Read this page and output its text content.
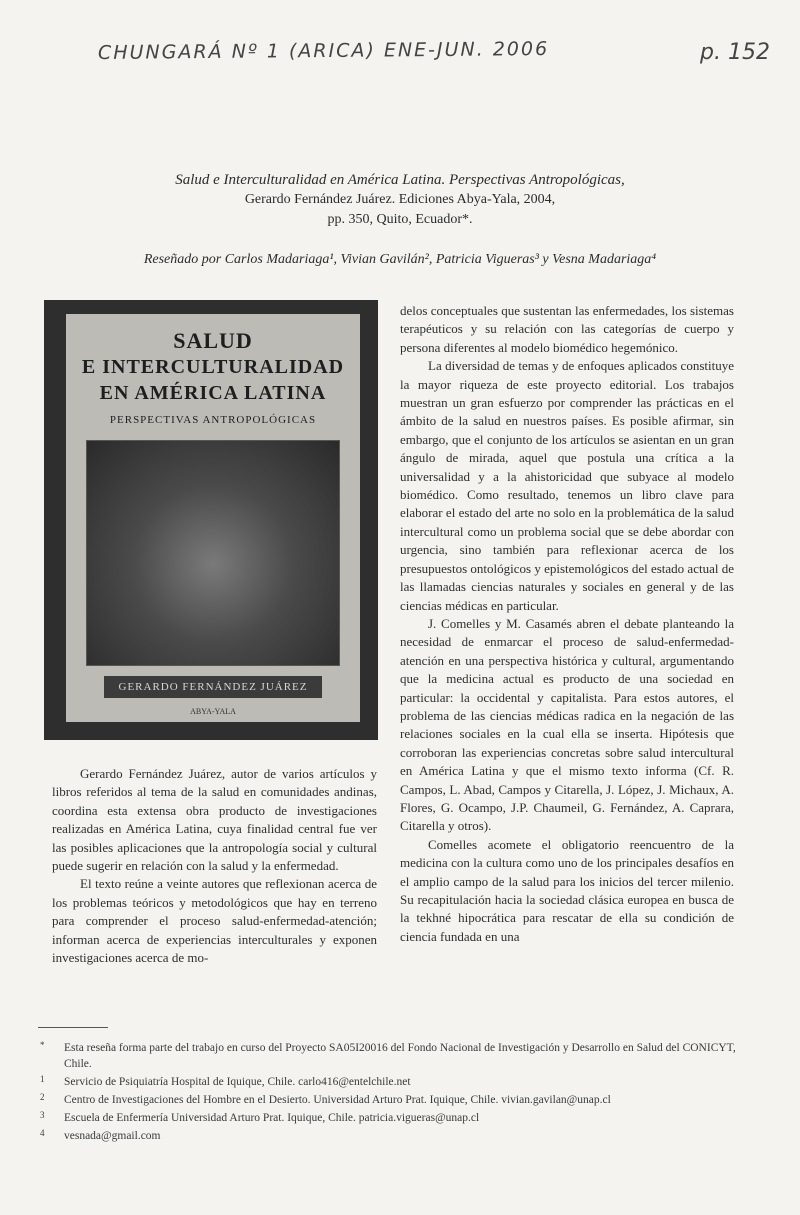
CHUNGARÁ Nº 1 (ARICA) ENE-JUN. 2006	p. 152
Salud e Interculturalidad en América Latina. Perspectivas Antropológicas,
Gerardo Fernández Juárez. Ediciones Abya-Yala, 2004,
pp. 350, Quito, Ecuador*.
Reseñado por Carlos Madariaga¹, Vivian Gavilán², Patricia Vigueras³ y Vesna Madariaga⁴
SALUD
E INTERCULTURALIDAD
EN AMÉRICA LATINA
PERSPECTIVAS ANTROPOLÓGICAS
GERARDO FERNÁNDEZ JUÁREZ
ABYA-YALA

Gerardo Fernández Juárez, autor de varios artículos y libros referidos al tema de la salud en comunidades andinas, coordina esta extensa obra producto de investigaciones realizadas en América Latina, cuya finalidad central fue ver las posibles aplicaciones que la antropología social y cultural puede sugerir en relación con la salud y la enfermedad.

El texto reúne a veinte autores que reflexionan acerca de los problemas teóricos y metodológicos que hay en terreno para comprender el proceso salud-enfermedad-atención; informan acerca de experiencias interculturales y exponen investigaciones acerca de mo-

delos conceptuales que sustentan las enfermedades, los sistemas terapéuticos y su relación con las categorías de cuerpo y persona diferentes al modelo biomédico hegemónico.

La diversidad de temas y de enfoques aplicados constituye la mayor riqueza de este proyecto editorial. Los trabajos muestran un gran esfuerzo por comprender las prácticas en el ámbito de la salud en nuestros países. Es posible afirmar, sin embargo, que el conjunto de los artículos se asientan en un gran ángulo de mirada, aquel que postula una crítica a la universalidad y a la ahistoricidad que subyace al modelo biomédico. Como resultado, tenemos un libro clave para elaborar el estado del arte no solo en la problemática de la salud intercultural como un problema social que se debe abordar con urgencia, sino también para reflexionar acerca de los presupuestos ontológicos y epistemológicos del estado actual de las llamadas ciencias naturales y sociales en general y de las ciencias médicas en particular.

J. Comelles y M. Casamés abren el debate planteando la necesidad de enmarcar el proceso de salud-enfermedad-atención en una perspectiva histórica y cultural, argumentando que la medicina actual es producto de una sociedad en particular: la occidental y capitalista. Para estos autores, el problema de las ciencias médicas radica en la negación de las relaciones sociales en la cual ella se inserta. Hipótesis que corroboran las experiencias concretas sobre salud intercultural en América Latina y que el mismo texto informa (Cf. R. Campos, L. Abad, Campos y Citarella, J. López, J. Michaux, A. Flores, G. Ocampo, J.P. Chaumeil, G. Fernández, A. Caprara, Citarella y otros).

Comelles acomete el obligatorio reencuentro de la medicina con la cultura como uno de los principales desafíos en el amplio campo de la salud para los inicios del tercer milenio. Su recapitulación hacia la sociedad clásica europea en busca de la tekhné hipocrática para rescatar de ella su condición de ciencia fundada en una

* Esta reseña forma parte del trabajo en curso del Proyecto SA05I20016 del Fondo Nacional de Investigación y Desarrollo en Salud del CONICYT, Chile.
1 Servicio de Psiquiatría Hospital de Iquique, Chile. carlo416@entelchile.net
2 Centro de Investigaciones del Hombre en el Desierto. Universidad Arturo Prat. Iquique, Chile. vivian.gavilan@unap.cl
3 Escuela de Enfermería Universidad Arturo Prat. Iquique, Chile. patricia.vigueras@unap.cl
4 vesnada@gmail.com
